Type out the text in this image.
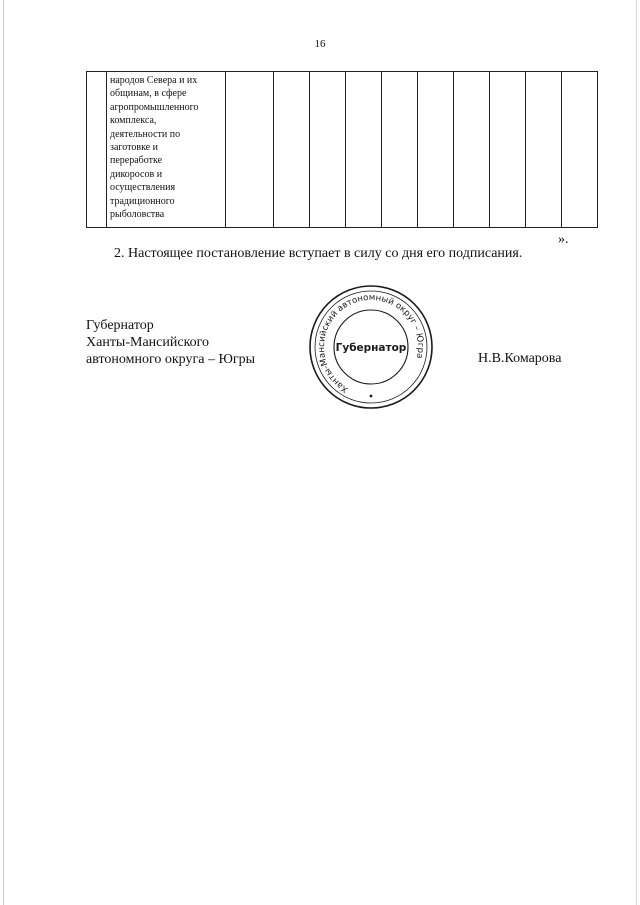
16

народов Севера и их
общинам, в сфере
агропромышленного
комплекса,
деятельности по
заготовке и
переработке
дикоросов и
осуществления
традиционного
рыболовства

».
2. Настоящее постановление вступает в силу со дня его подписания.
Губернатор
Ханты-Мансийского
автономного округа – Югры
Ханты-Мансийский автономный округ – Югра
Губернатор
Н.В.Комарова
